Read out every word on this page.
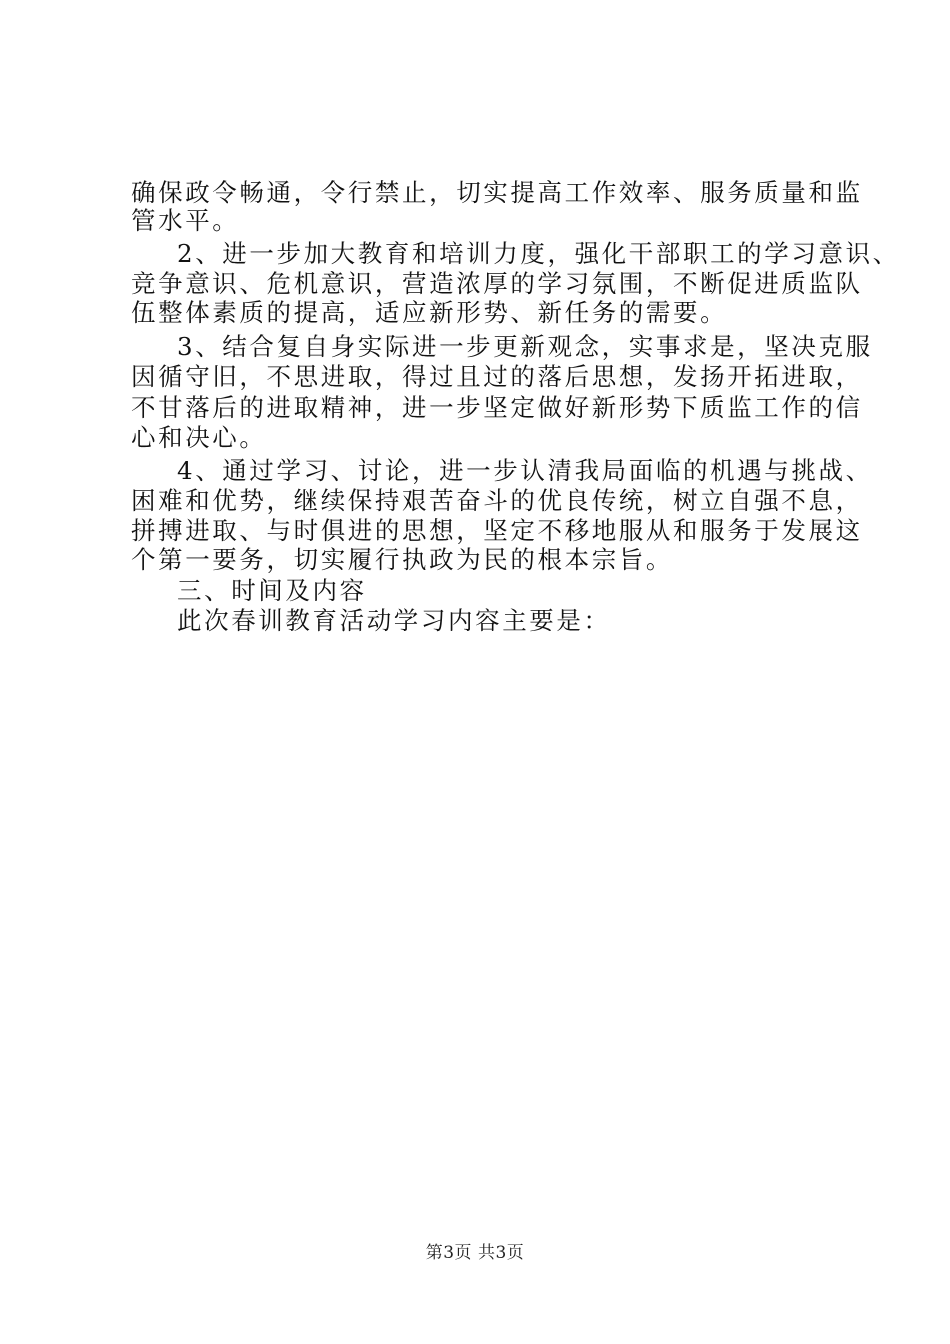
确保政令畅通，令行禁止，切实提高工作效率、服务质量和监
管水平。
2、进一步加大教育和培训力度，强化干部职工的学习意识、
竞争意识、危机意识，营造浓厚的学习氛围，不断促进质监队
伍整体素质的提高，适应新形势、新任务的需要。
3、结合复自身实际进一步更新观念，实事求是，坚决克服
因循守旧，不思进取，得过且过的落后思想，发扬开拓进取，
不甘落后的进取精神，进一步坚定做好新形势下质监工作的信
心和决心。
4、通过学习、讨论，进一步认清我局面临的机遇与挑战、
困难和优势，继续保持艰苦奋斗的优良传统，树立自强不息，
拼搏进取、与时俱进的思想，坚定不移地服从和服务于发展这
个第一要务，切实履行执政为民的根本宗旨。
三、时间及内容
此次春训教育活动学习内容主要是：
第3页 共3页
